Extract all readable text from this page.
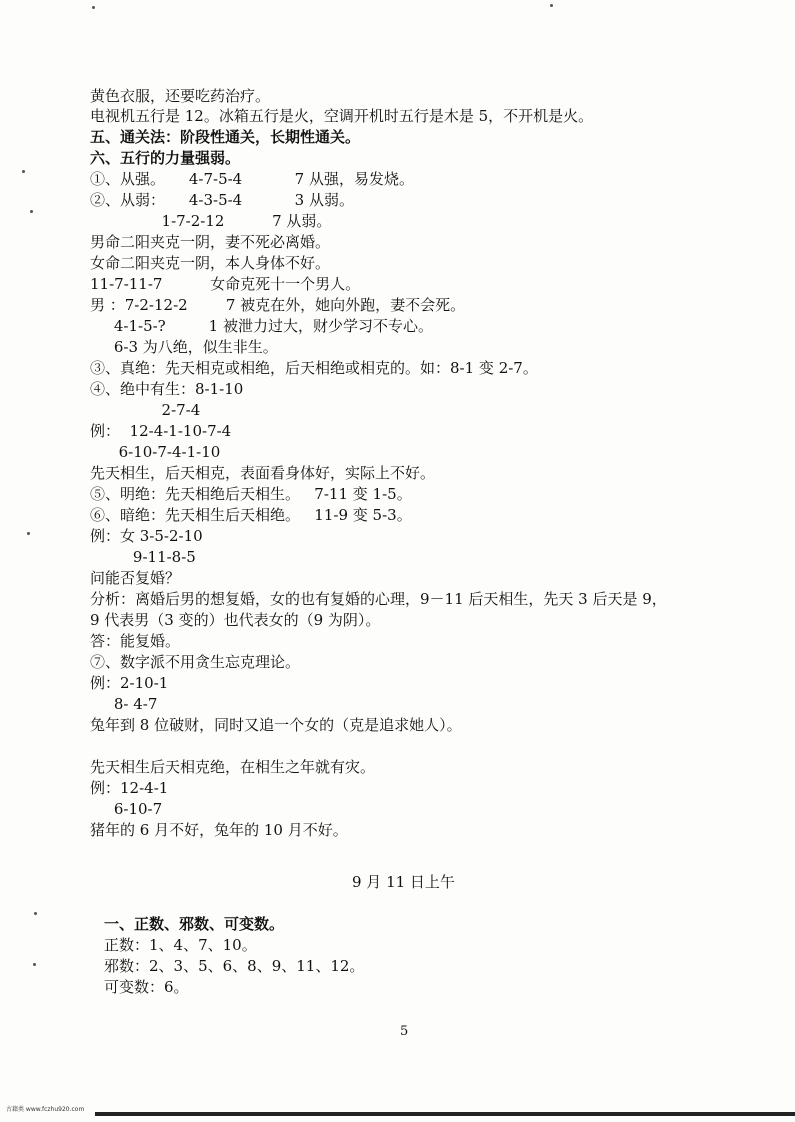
黄色衣服，还要吃药治疗。
电视机五行是 12。冰箱五行是火，空调开机时五行是木是 5，不开机是火。
五、通关法：阶段性通关，长期性通关。
六、五行的力量强弱。
①、从强。     4-7-5-4           7 从强，易发烧。
②、从弱：     4-3-5-4           3 从弱。
1-7-2-12          7 从弱。
男命二阳夹克一阴，妻不死必离婚。
女命二阳夹克一阴，本人身体不好。
11-7-11-7          女命克死十一个男人。
男 ：7-2-12-2        7 被克在外，她向外跑，妻不会死。
4-1-5-?         1 被泄力过大，财少学习不专心。
6-3 为八绝，似生非生。
③、真绝：先天相克或相绝，后天相绝或相克的。如：8-1 变 2-7。
④、绝中有生：8-1-10
2-7-4
例：  12-4-1-10-7-4
6-10-7-4-1-10
先天相生，后天相克，表面看身体好，实际上不好。
⑤、明绝：先天相绝后天相生。   7-11 变 1-5。
⑥、暗绝：先天相生后天相绝。   11-9 变 5-3。
例：女 3-5-2-10
9-11-8-5
问能否复婚？
分析：离婚后男的想复婚，女的也有复婚的心理，9－11 后天相生，先天 3 后天是 9，
9 代表男（3 变的）也代表女的（9 为阴）。
答：能复婚。
⑦、数字派不用贪生忘克理论。
例：2-10-1
8- 4-7
兔年到 8 位破财，同时又追一个女的（克是追求她人）。
先天相生后天相克绝，在相生之年就有灾。
例：12-4-1
6-10-7
猪年的 6 月不好，兔年的 10 月不好。
9 月 11 日上午
一、正数、邪数、可变数。
正数：1、4、7、10。
邪数：2、3、5、6、8、9、11、12。
可变数：6。
5
古籍类 www.fczhu920.com
